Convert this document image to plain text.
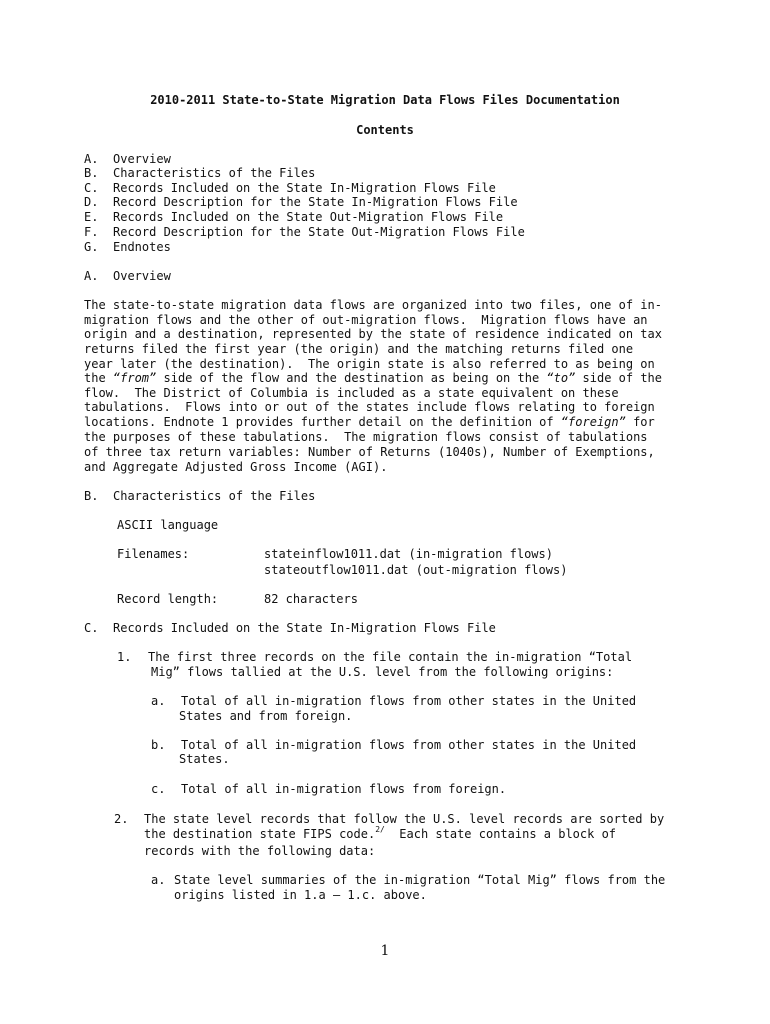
2010-2011 State-to-State Migration Data Flows Files Documentation
Contents
A. Overview
B. Characteristics of the Files
C. Records Included on the State In-Migration Flows File
D. Record Description for the State In-Migration Flows File
E. Records Included on the State Out-Migration Flows File
F. Record Description for the State Out-Migration Flows File
G. Endnotes
A. Overview
The state-to-state migration data flows are organized into two files, one of in-
migration flows and the other of out-migration flows.  Migration flows have an
origin and a destination, represented by the state of residence indicated on tax
returns filed the first year (the origin) and the matching returns filed one
year later (the destination).  The origin state is also referred to as being on
the “from” side of the flow and the destination as being on the “to” side of the
flow.  The District of Columbia is included as a state equivalent on these
tabulations.  Flows into or out of the states include flows relating to foreign
locations. Endnote 1 provides further detail on the definition of “foreign” for
the purposes of these tabulations.  The migration flows consist of tabulations
of three tax return variables: Number of Returns (1040s), Number of Exemptions,
and Aggregate Adjusted Gross Income (AGI).
B. Characteristics of the Files
ASCII language
Filenames:	stateinflow1011.dat (in-migration flows)
stateoutflow1011.dat (out-migration flows)
Record length:	82 characters
C. Records Included on the State In-Migration Flows File
1. The first three records on the file contain the in-migration “Total
Mig” flows tallied at the U.S. level from the following origins:
a. Total of all in-migration flows from other states in the United
States and from foreign.
b. Total of all in-migration flows from other states in the United
States.
c. Total of all in-migration flows from foreign.
2. The state level records that follow the U.S. level records are sorted by
the destination state FIPS code.$^{2/}$  Each state contains a block of
records with the following data:
a. State level summaries of the in-migration “Total Mig” flows from the
origins listed in 1.a – 1.c. above.
1
